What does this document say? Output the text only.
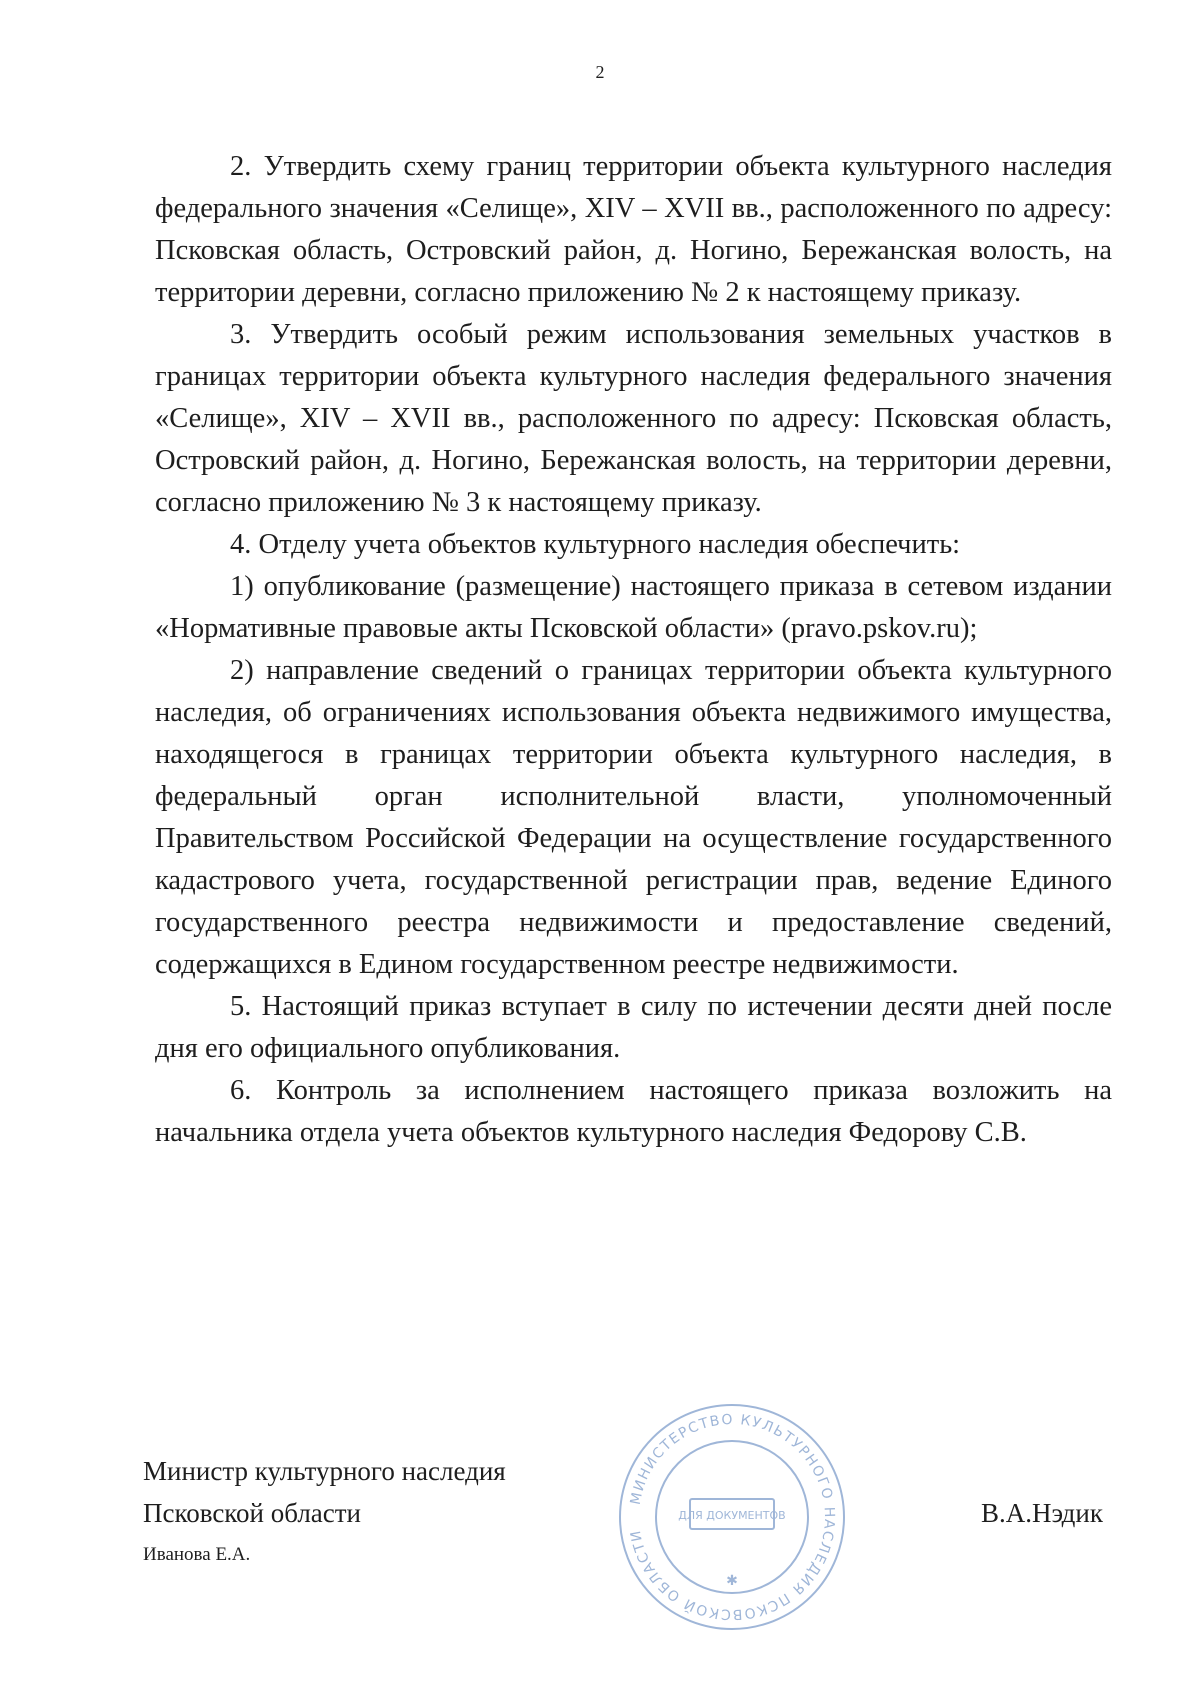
2

2. Утвердить схему границ территории объекта культурного наследия федерального значения «Селище», XIV – XVII вв., расположенного по адресу: Псковская область, Островский район, д. Ногино, Бережанская волость, на территории деревни, согласно приложению № 2 к настоящему приказу.

3. Утвердить особый режим использования земельных участков в границах территории объекта культурного наследия федерального значения «Селище», XIV – XVII вв., расположенного по адресу: Псковская область, Островский район, д. Ногино, Бережанская волость, на территории деревни, согласно приложению № 3 к настоящему приказу.

4. Отделу учета объектов культурного наследия обеспечить:

1) опубликование (размещение) настоящего приказа в сетевом издании «Нормативные правовые акты Псковской области» (pravo.pskov.ru);

2) направление сведений о границах территории объекта культурного наследия, об ограничениях использования объекта недвижимого имущества, находящегося в границах территории объекта культурного наследия, в федеральный орган исполнительной власти, уполномоченный Правительством Российской Федерации на осуществление государственного кадастрового учета, государственной регистрации прав, ведение Единого государственного реестра недвижимости и предоставление сведений, содержащихся в Едином государственном реестре недвижимости.

5. Настоящий приказ вступает в силу по истечении десяти дней после дня его официального опубликования.

6. Контроль за исполнением настоящего приказа возложить на начальника отдела учета объектов культурного наследия Федорову С.В.

Министр культурного наследия
Псковской области
Иванова Е.А.
В.А.Нэдик
МИНИСТЕРСТВО КУЛЬТУРНОГО НАСЛЕДИЯ ПСКОВСКОЙ ОБЛАСТИ
ДЛЯ ДОКУМЕНТОВ
✱
